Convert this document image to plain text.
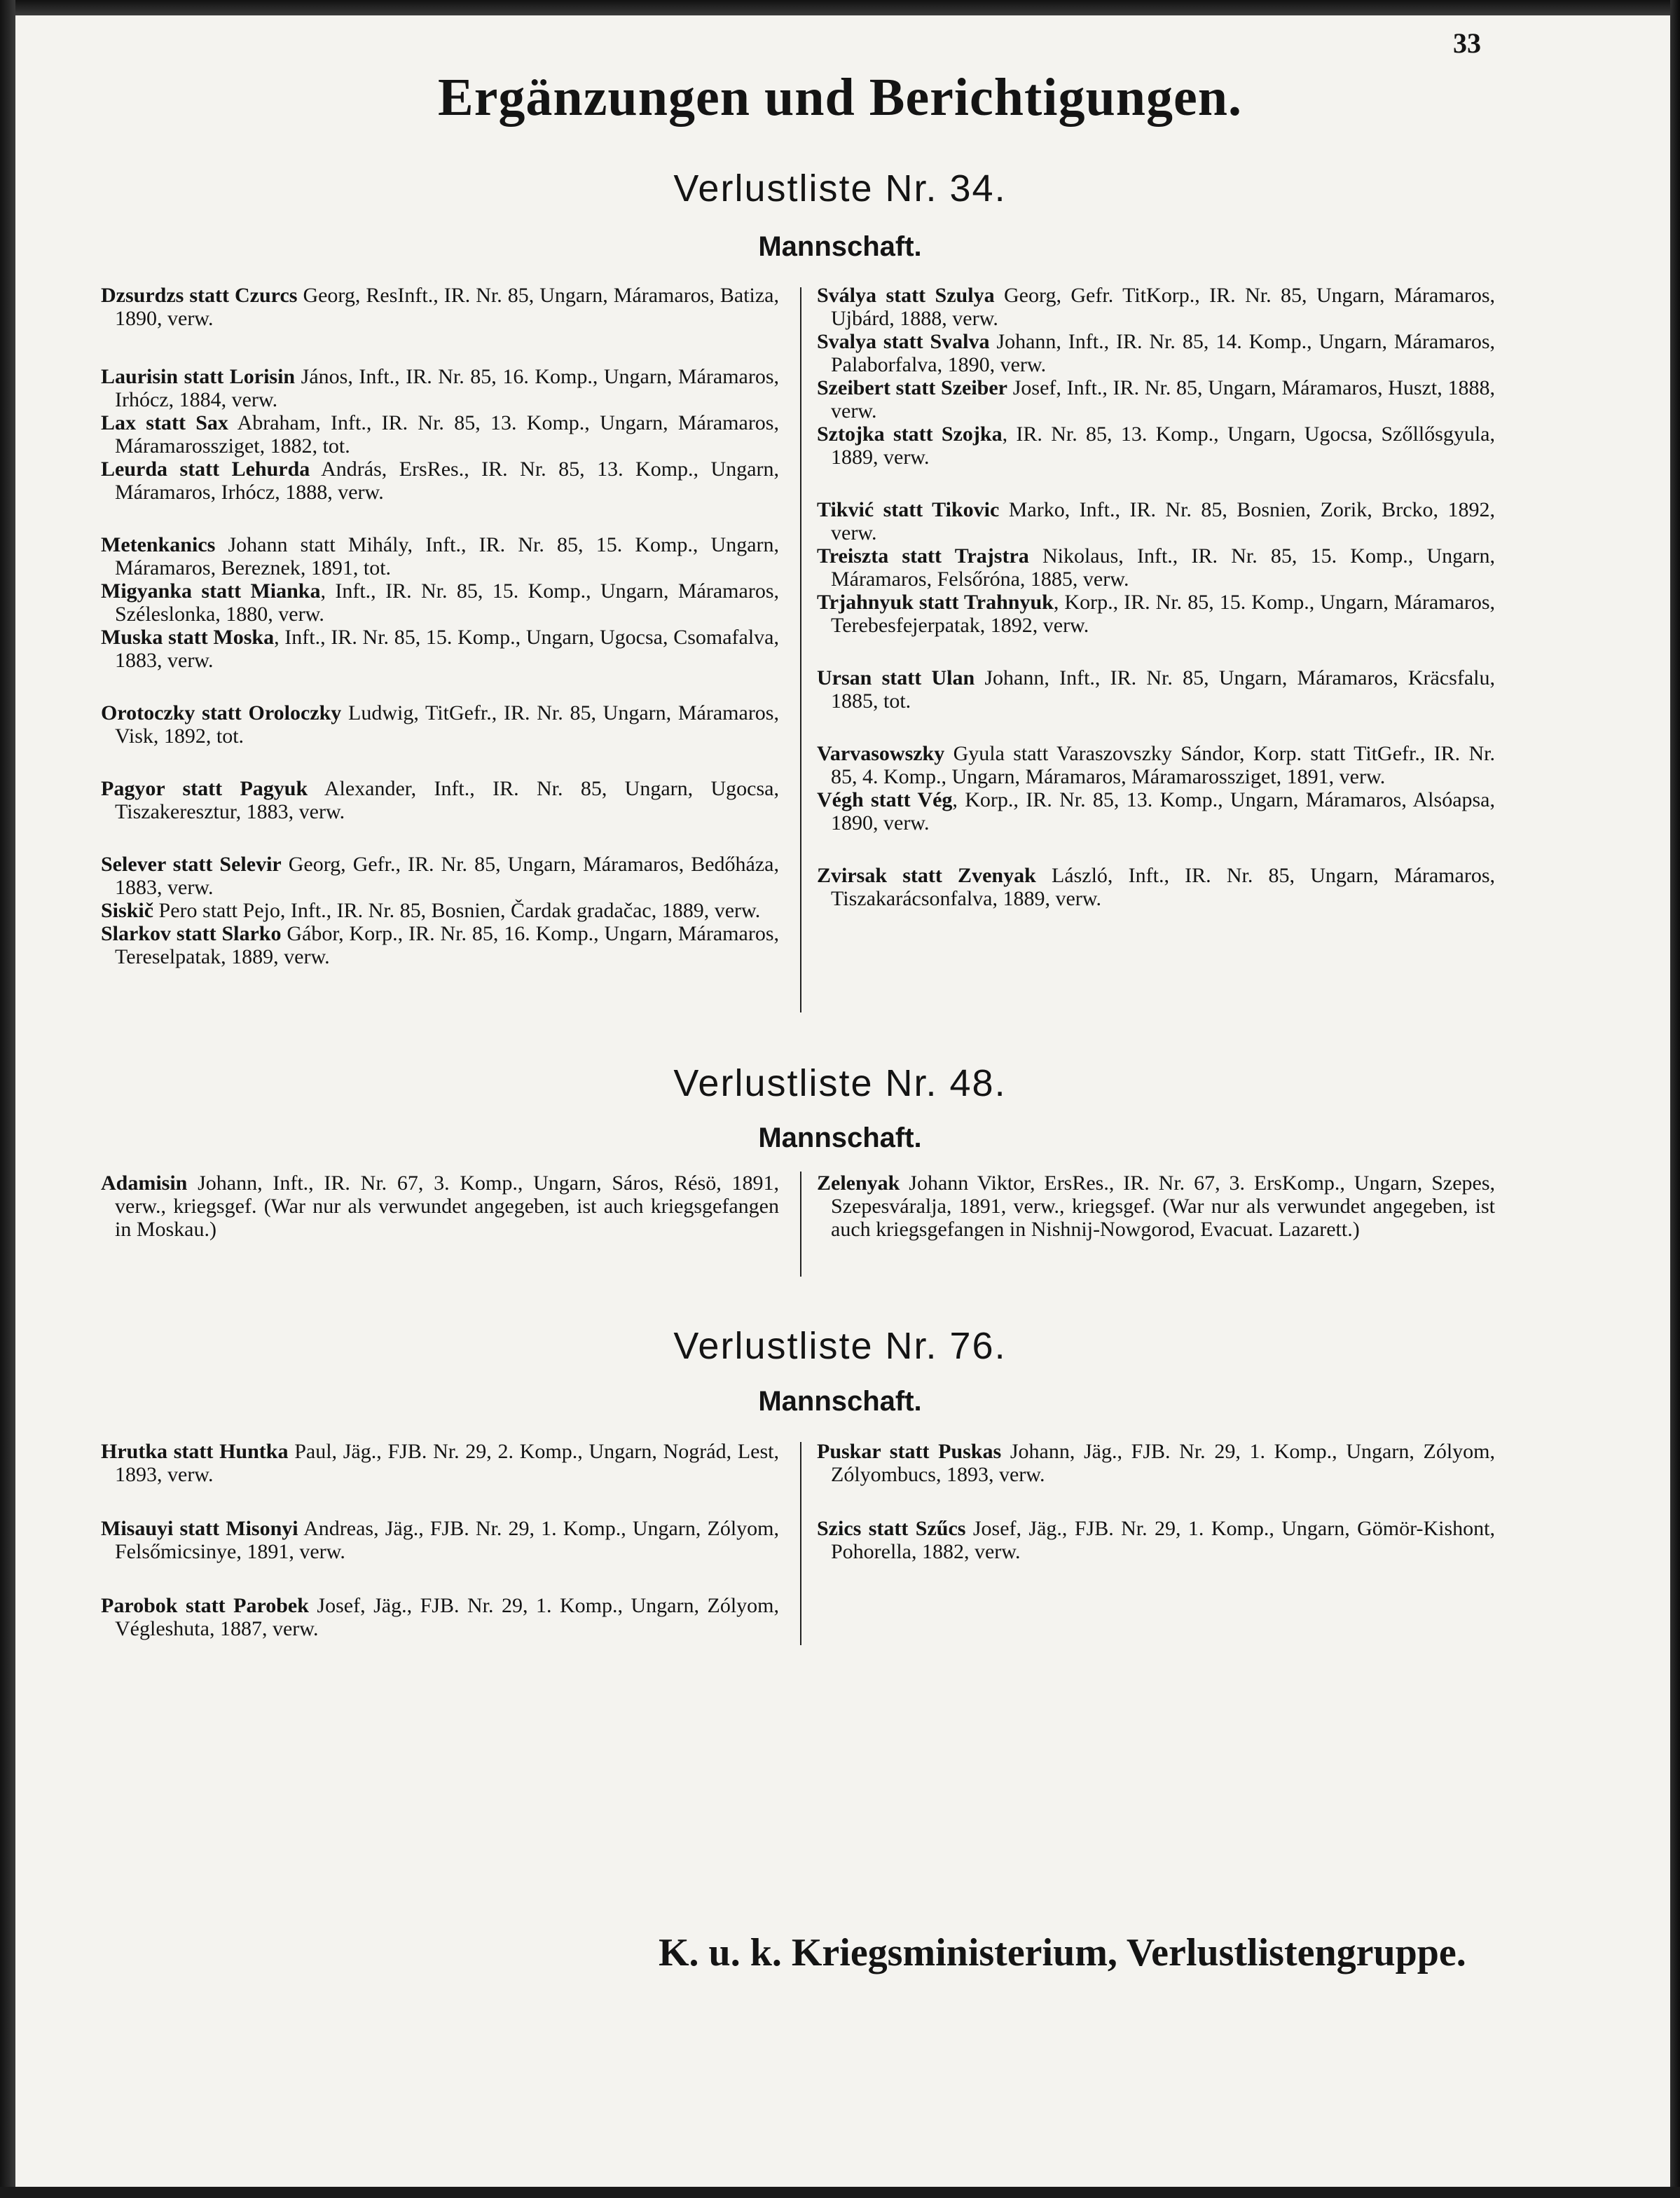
33
Ergänzungen und Berichtigungen.
Verlustliste Nr. 34.
Mannschaft.
Dzsurdzs statt Czurcs Georg, ResInft., IR. Nr. 85, Ungarn, Máramaros, Batiza, 1890, verw.
Laurisin statt Lorisin János, Inft., IR. Nr. 85, 16. Komp., Ungarn, Máramaros, Irhócz, 1884, verw.
Lax statt Sax Abraham, Inft., IR. Nr. 85, 13. Komp., Ungarn, Máramaros, Máramarossziget, 1882, tot.
Leurda statt Lehurda András, ErsRes., IR. Nr. 85, 13. Komp., Ungarn, Máramaros, Irhócz, 1888, verw.
Metenkanics Johann statt Mihály, Inft., IR. Nr. 85, 15. Komp., Ungarn, Máramaros, Bereznek, 1891, tot.
Migyanka statt Mianka, Inft., IR. Nr. 85, 15. Komp., Ungarn, Máramaros, Széleslonka, 1880, verw.
Muska statt Moska, Inft., IR. Nr. 85, 15. Komp., Ungarn, Ugocsa, Csomafalva, 1883, verw.
Orotoczky statt Oroloczky Ludwig, TitGefr., IR. Nr. 85, Ungarn, Máramaros, Visk, 1892, tot.
Pagyor statt Pagyuk Alexander, Inft., IR. Nr. 85, Ungarn, Ugocsa, Tiszakeresztur, 1883, verw.
Selever statt Selevir Georg, Gefr., IR. Nr. 85, Ungarn, Máramaros, Bedőháza, 1883, verw.
Siskič Pero statt Pejo, Inft., IR. Nr. 85, Bosnien, Čardak gradačac, 1889, verw.
Slarkov statt Slarko Gábor, Korp., IR. Nr. 85, 16. Komp., Ungarn, Máramaros, Tereselpatak, 1889, verw.
Sválya statt Szulya Georg, Gefr. TitKorp., IR. Nr. 85, Ungarn, Máramaros, Ujbárd, 1888, verw.
Svalya statt Svalva Johann, Inft., IR. Nr. 85, 14. Komp., Ungarn, Máramaros, Palaborfalva, 1890, verw.
Szeibert statt Szeiber Josef, Inft., IR. Nr. 85, Ungarn, Máramaros, Huszt, 1888, verw.
Sztojka statt Szojka, IR. Nr. 85, 13. Komp., Ungarn, Ugocsa, Szőllősgyula, 1889, verw.
Tikvić statt Tikovic Marko, Inft., IR. Nr. 85, Bosnien, Zorik, Brcko, 1892, verw.
Treiszta statt Trajstra Nikolaus, Inft., IR. Nr. 85, 15. Komp., Ungarn, Máramaros, Felsőróna, 1885, verw.
Trjahnyuk statt Trahnyuk, Korp., IR. Nr. 85, 15. Komp., Ungarn, Máramaros, Terebesfejerpatak, 1892, verw.
Ursan statt Ulan Johann, Inft., IR. Nr. 85, Ungarn, Máramaros, Kräcsfalu, 1885, tot.
Varvasowszky Gyula statt Varaszovszky Sándor, Korp. statt TitGefr., IR. Nr. 85, 4. Komp., Ungarn, Máramaros, Máramarossziget, 1891, verw.
Végh statt Vég, Korp., IR. Nr. 85, 13. Komp., Ungarn, Máramaros, Alsóapsa, 1890, verw.
Zvirsak statt Zvenyak László, Inft., IR. Nr. 85, Ungarn, Máramaros, Tiszakarácsonfalva, 1889, verw.
Verlustliste Nr. 48.
Mannschaft.
Adamisin Johann, Inft., IR. Nr. 67, 3. Komp., Ungarn, Sáros, Résö, 1891, verw., kriegsgef. (War nur als verwundet angegeben, ist auch kriegsgefangen in Moskau.)
Zelenyak Johann Viktor, ErsRes., IR. Nr. 67, 3. ErsKomp., Ungarn, Szepes, Szepesváralja, 1891, verw., kriegsgef. (War nur als verwundet angegeben, ist auch kriegsgefangen in Nishnij-Nowgorod, Evacuat. Lazarett.)
Verlustliste Nr. 76.
Mannschaft.
Hrutka statt Huntka Paul, Jäg., FJB. Nr. 29, 2. Komp., Ungarn, Nográd, Lest, 1893, verw.
Misauyi statt Misonyi Andreas, Jäg., FJB. Nr. 29, 1. Komp., Ungarn, Zólyom, Felsőmicsinye, 1891, verw.
Parobok statt Parobek Josef, Jäg., FJB. Nr. 29, 1. Komp., Ungarn, Zólyom, Végleshuta, 1887, verw.
Puskar statt Puskas Johann, Jäg., FJB. Nr. 29, 1. Komp., Ungarn, Zólyom, Zólyombucs, 1893, verw.
Szics statt Szűcs Josef, Jäg., FJB. Nr. 29, 1. Komp., Ungarn, Gömör-Kishont, Pohorella, 1882, verw.
K. u. k. Kriegsministerium, Verlustlistengruppe.
